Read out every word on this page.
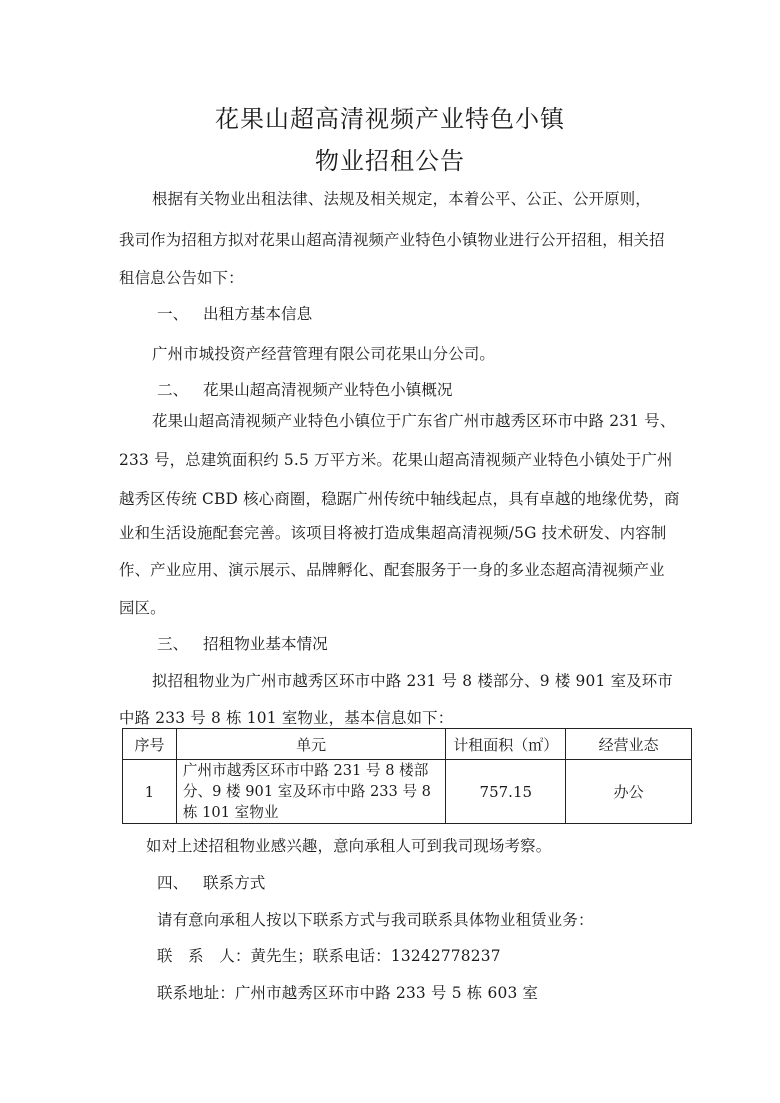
花果山超高清视频产业特色小镇
物业招租公告
根据有关物业出租法律、法规及相关规定，本着公平、公正、公开原则，
我司作为招租方拟对花果山超高清视频产业特色小镇物业进行公开招租，相关招
租信息公告如下：
一、 出租方基本信息
广州市城投资产经营管理有限公司花果山分公司。
二、 花果山超高清视频产业特色小镇概况
花果山超高清视频产业特色小镇位于广东省广州市越秀区环市中路 231 号、
233 号，总建筑面积约 5.5 万平方米。花果山超高清视频产业特色小镇处于广州
越秀区传统 CBD 核心商圈，稳踞广州传统中轴线起点，具有卓越的地缘优势，商
业和生活设施配套完善。该项目将被打造成集超高清视频/5G 技术研发、内容制
作、产业应用、演示展示、品牌孵化、配套服务于一身的多业态超高清视频产业
园区。
三、 招租物业基本情况
拟招租物业为广州市越秀区环市中路 231 号 8 楼部分、9 楼 901 室及环市
中路 233 号 8 栋 101 室物业，基本信息如下：
序号	单元	计租面积（㎡）	经营业态
1	广州市越秀区环市中路 231 号 8 楼部
分、9 楼 901 室及环市中路 233 号 8
栋 101 室物业	757.15	办公
如对上述招租物业感兴趣，意向承租人可到我司现场考察。
四、 联系方式
请有意向承租人按以下联系方式与我司联系具体物业租赁业务：
联　系　人：黄先生；联系电话：13242778237
联系地址：广州市越秀区环市中路 233 号 5 栋 603 室
